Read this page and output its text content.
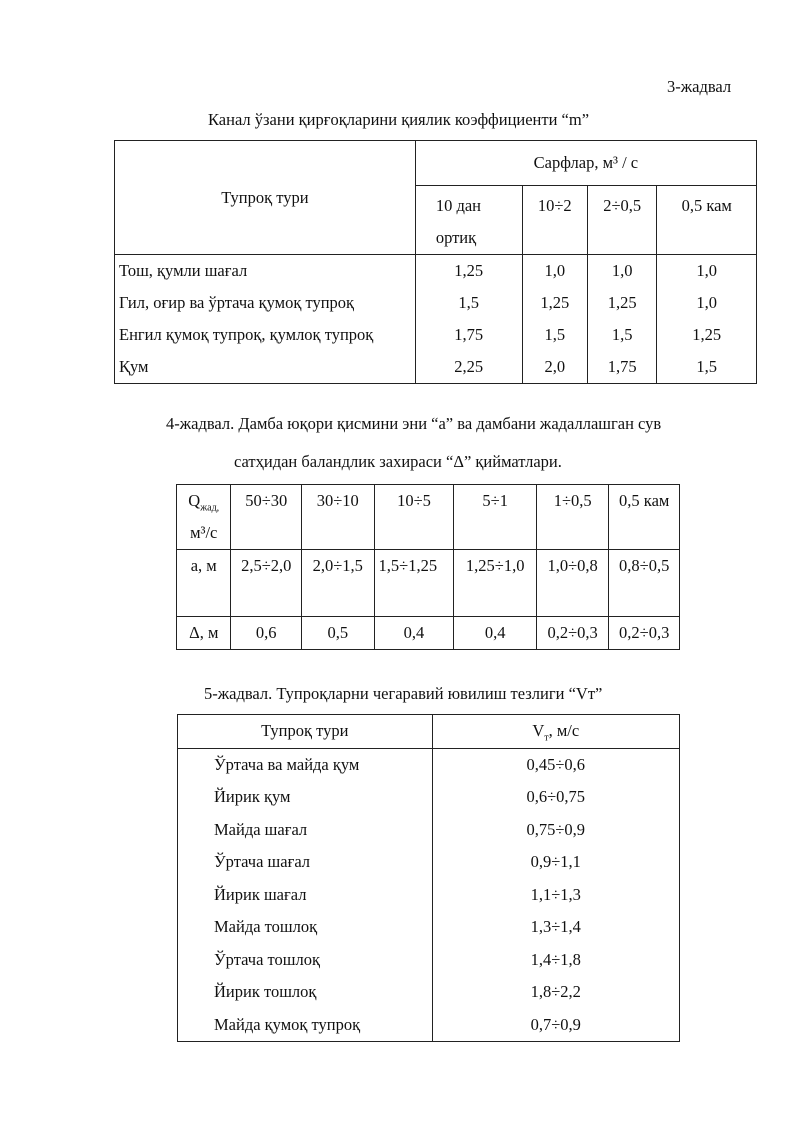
3-жадвал
Канал ўзани қирғоқларини қиялик коэффициенти “m”
Тупроқ тури	Сарфлар, м³ / с			
	10 дан ортиқ	10÷2	2÷0,5	0,5 кам
Тош, қумли шағал	1,25	1,0	1,0	1,0
Гил, оғир ва ўртача қумоқ тупроқ	1,5	1,25	1,25	1,0
Енгил қумоқ тупроқ, қумлоқ тупроқ	1,75	1,5	1,5	1,25
Қум	2,25	2,0	1,75	1,5
4-жадвал. Дамба юқори қисмини эни “а” ва дамбани жадаллашган сув
сатҳидан баландлик захираси “Δ” қийматлари.
$Q_{жад,}$
м³/с	50÷30	30÷10	10÷5	5÷1	1÷0,5	0,5 кам
a, м	2,5÷2,0	2,0÷1,5	1,5÷1,25	1,25÷1,0	1,0÷0,8	0,8÷0,5
Δ, м	0,6	0,5	0,4	0,4	0,2÷0,3	0,2÷0,3
5-жадвал. Тупроқларни чегаравий ювилиш тезлиги “Vт”
Тупроқ тури	$V_т$, м/с
Ўртача ва майда қум	0,45÷0,6
Йирик қум	0,6÷0,75
Майда шағал	0,75÷0,9
Ўртача шағал	0,9÷1,1
Йирик шағал	1,1÷1,3
Майда тошлоқ	1,3÷1,4
Ўртача тошлоқ	1,4÷1,8
Йирик тошлоқ	1,8÷2,2
Майда қумоқ тупроқ	0,7÷0,9
